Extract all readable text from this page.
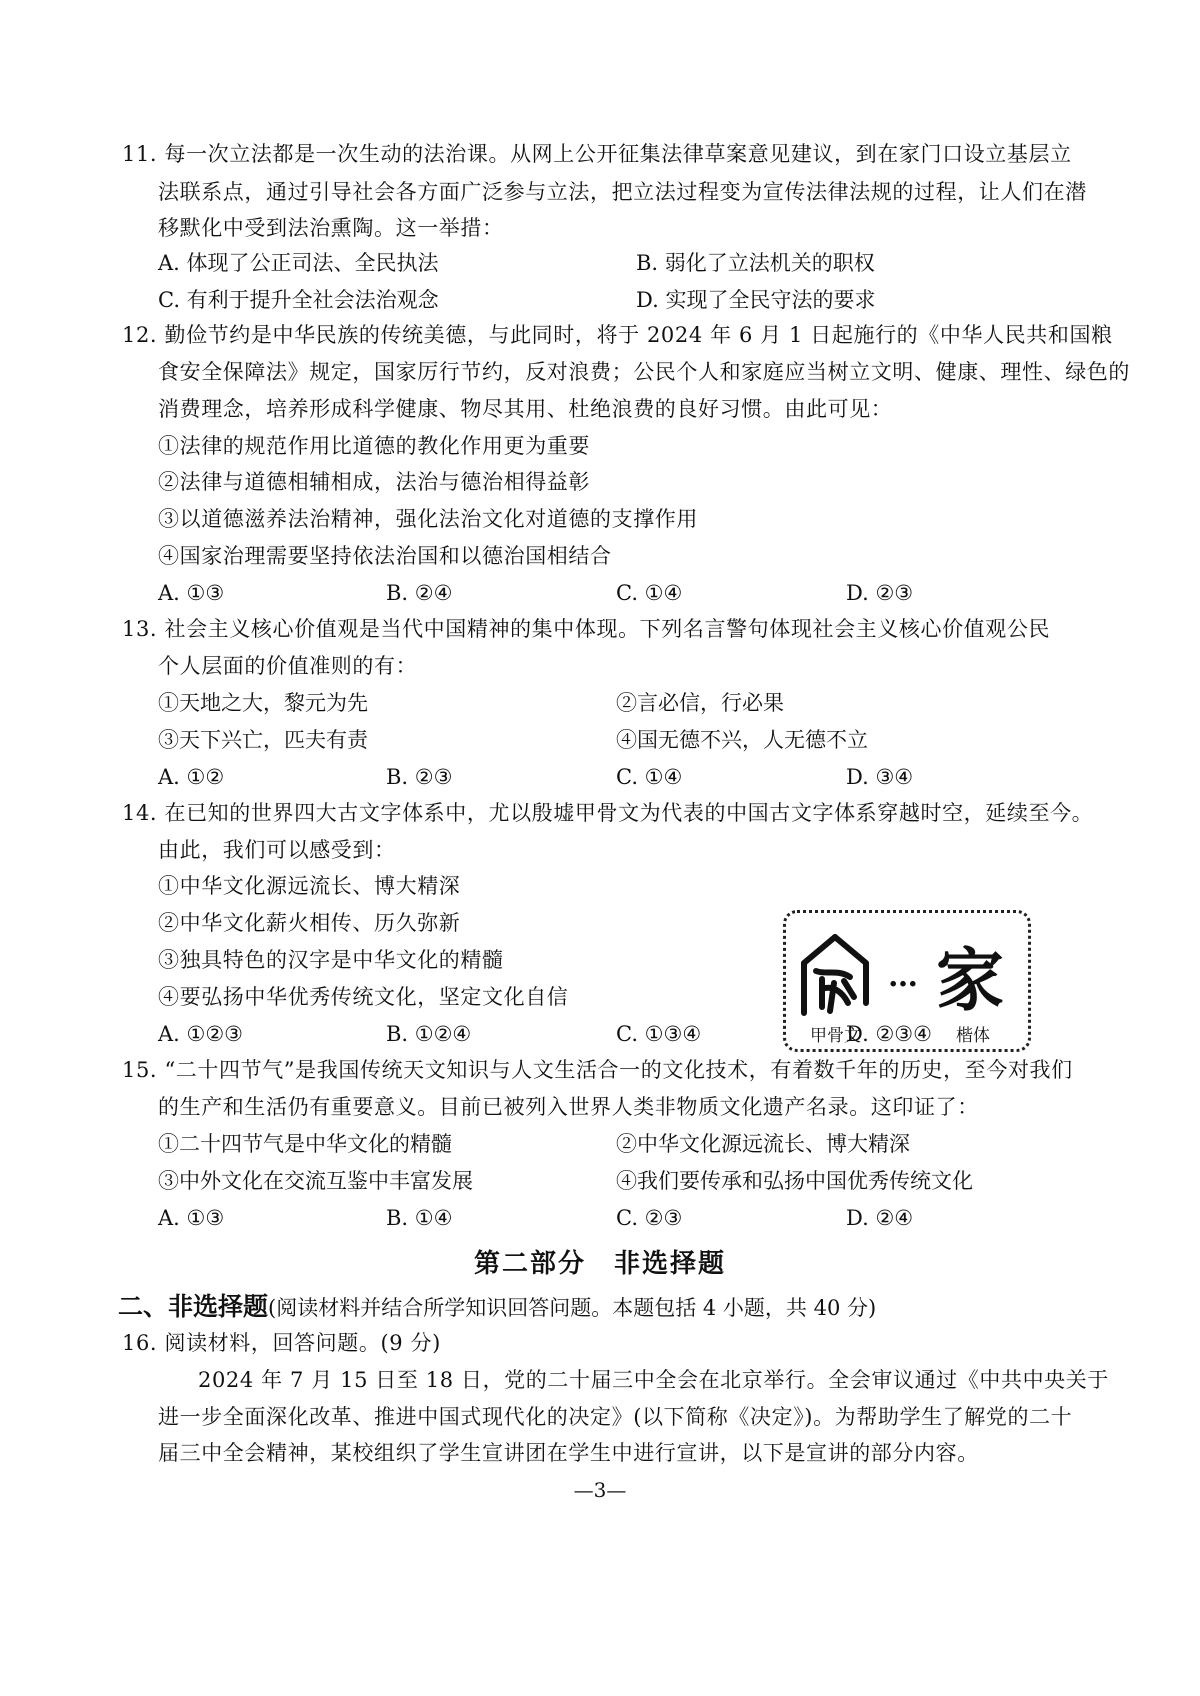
11. 每一次立法都是一次生动的法治课。从网上公开征集法律草案意见建议，到在家门口设立基层立
法联系点，通过引导社会各方面广泛参与立法，把立法过程变为宣传法律法规的过程，让人们在潜
移默化中受到法治熏陶。这一举措：
A. 体现了公正司法、全民执法	B. 弱化了立法机关的职权
C. 有利于提升全社会法治观念	D. 实现了全民守法的要求
12. 勤俭节约是中华民族的传统美德，与此同时，将于 2024 年 6 月 1 日起施行的《中华人民共和国粮
食安全保障法》规定，国家厉行节约，反对浪费；公民个人和家庭应当树立文明、健康、理性、绿色的
消费理念，培养形成科学健康、物尽其用、杜绝浪费的良好习惯。由此可见：
①法律的规范作用比道德的教化作用更为重要
②法律与道德相辅相成，法治与德治相得益彰
③以道德滋养法治精神，强化法治文化对道德的支撑作用
④国家治理需要坚持依法治国和以德治国相结合
A. ①③	B. ②④	C. ①④	D. ②③
13. 社会主义核心价值观是当代中国精神的集中体现。下列名言警句体现社会主义核心价值观公民
个人层面的价值准则的有：
①天地之大，黎元为先	②言必信，行必果
③天下兴亡，匹夫有责	④国无德不兴，人无德不立
A. ①②	B. ②③	C. ①④	D. ③④
14. 在已知的世界四大古文字体系中，尤以殷墟甲骨文为代表的中国古文字体系穿越时空，延续至今。
由此，我们可以感受到：
①中华文化源远流长、博大精深
②中华文化薪火相传、历久弥新
③独具特色的汉字是中华文化的精髓
④要弘扬中华优秀传统文化，坚定文化自信
A. ①②③	B. ①②④	C. ①③④	D. ②③④
… 家
甲骨文	楷体
15. “二十四节气”是我国传统天文知识与人文生活合一的文化技术，有着数千年的历史，至今对我们
的生产和生活仍有重要意义。目前已被列入世界人类非物质文化遗产名录。这印证了：
①二十四节气是中华文化的精髓	②中华文化源远流长、博大精深
③中外文化在交流互鉴中丰富发展	④我们要传承和弘扬中国优秀传统文化
A. ①③	B. ①④	C. ②③	D. ②④
第二部分　非选择题
二、非选择题(阅读材料并结合所学知识回答问题。本题包括 4 小题，共 40 分)
16. 阅读材料，回答问题。(9 分)
2024 年 7 月 15 日至 18 日，党的二十届三中全会在北京举行。全会审议通过《中共中央关于
进一步全面深化改革、推进中国式现代化的决定》(以下简称《决定》)。为帮助学生了解党的二十
届三中全会精神，某校组织了学生宣讲团在学生中进行宣讲，以下是宣讲的部分内容。
—3—
